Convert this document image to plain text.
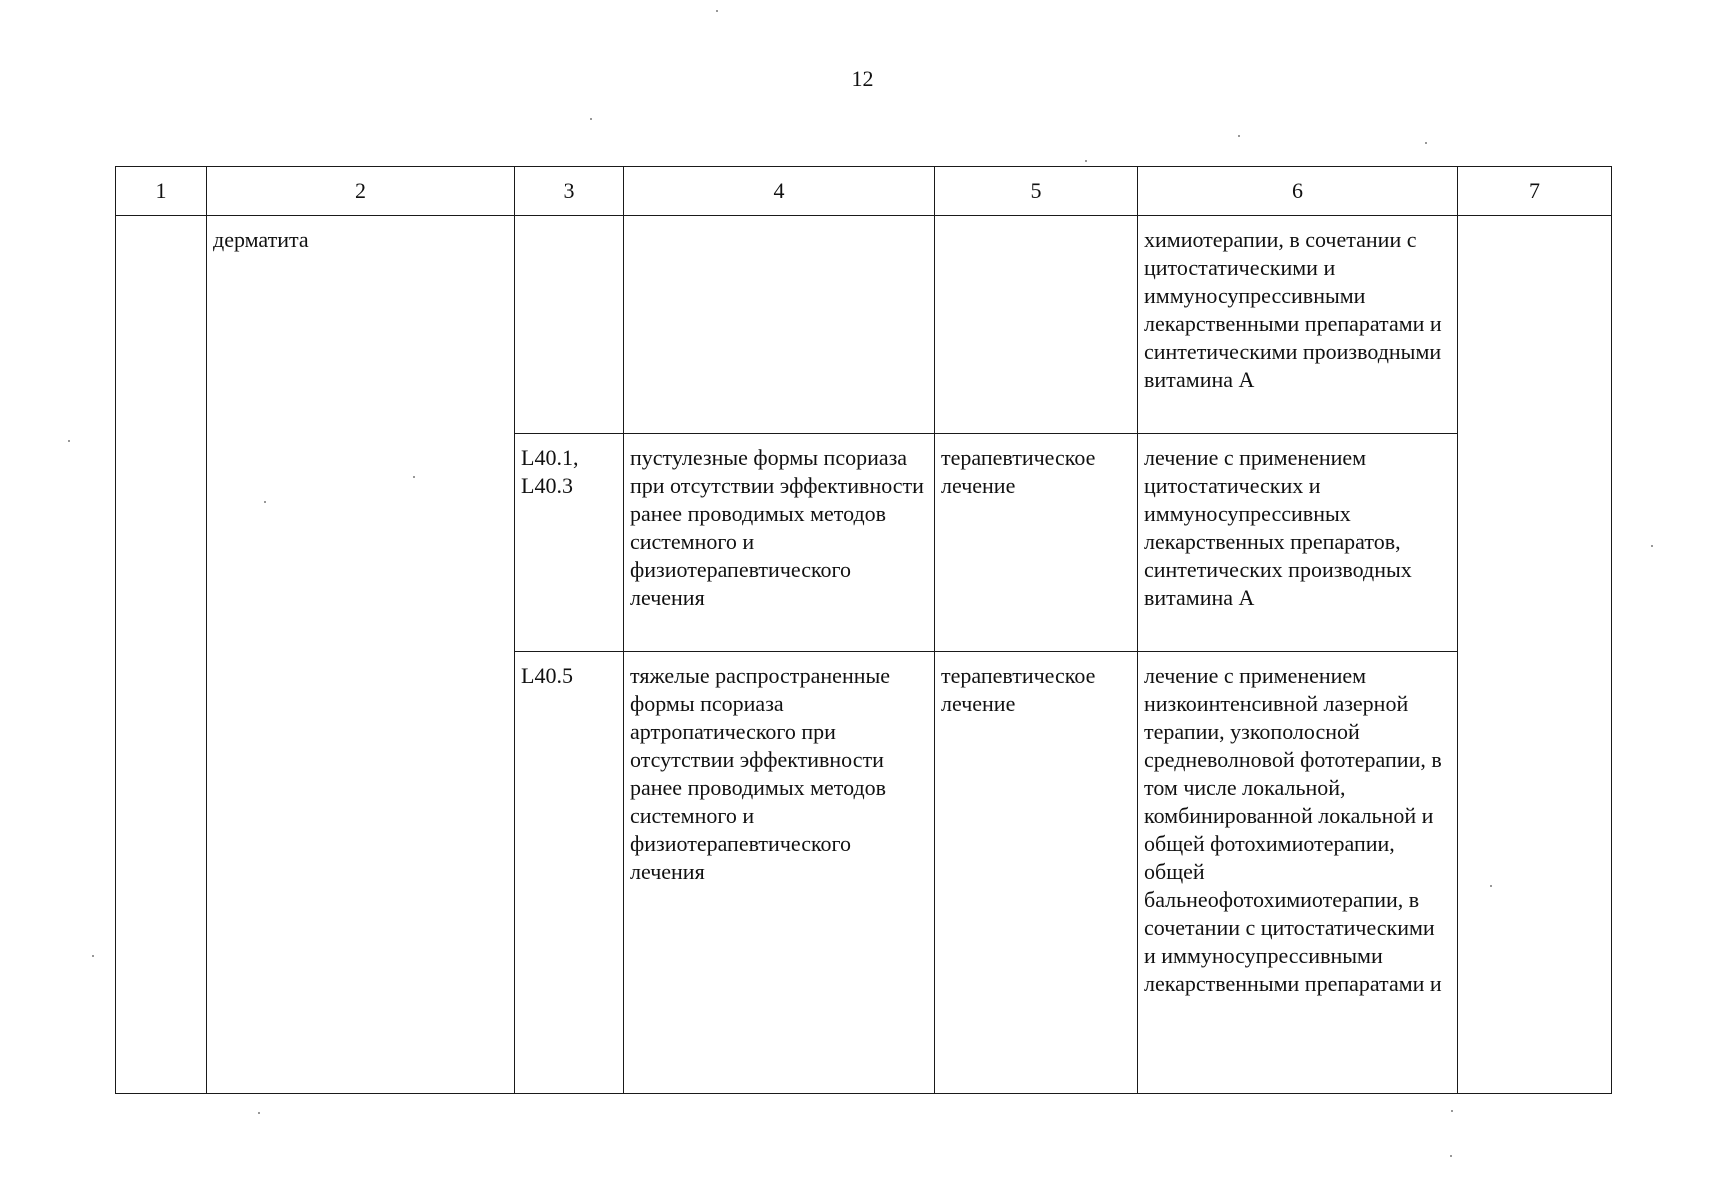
12
1	2	3	4	5	6	7

	дерматита				химиотерапии, в сочетании с цитостатическими и иммуносупрессивными лекарственными препаратами и синтетическими производными витамина А	

		L40.1, L40.3	пустулезные формы псориаза при отсутствии эффективности ранее проводимых методов системного и физиотерапевтического лечения	терапевтическое лечение	лечение с применением цитостатических и иммуносупрессивных лекарственных препаратов, синтетических производных витамина А	

		L40.5	тяжелые распространенные формы псориаза артропатического при отсутствии эффективности ранее проводимых методов системного и физиотерапевтического лечения	терапевтическое лечение	лечение с применением низкоинтенсивной лазерной терапии, узкополосной средневолновой фототерапии, в том числе локальной, комбинированной локальной и общей фотохимиотерапии, общей бальнеофотохимиотерапии, в сочетании с цитостатическими и иммуносупрессивными лекарственными препаратами и	
